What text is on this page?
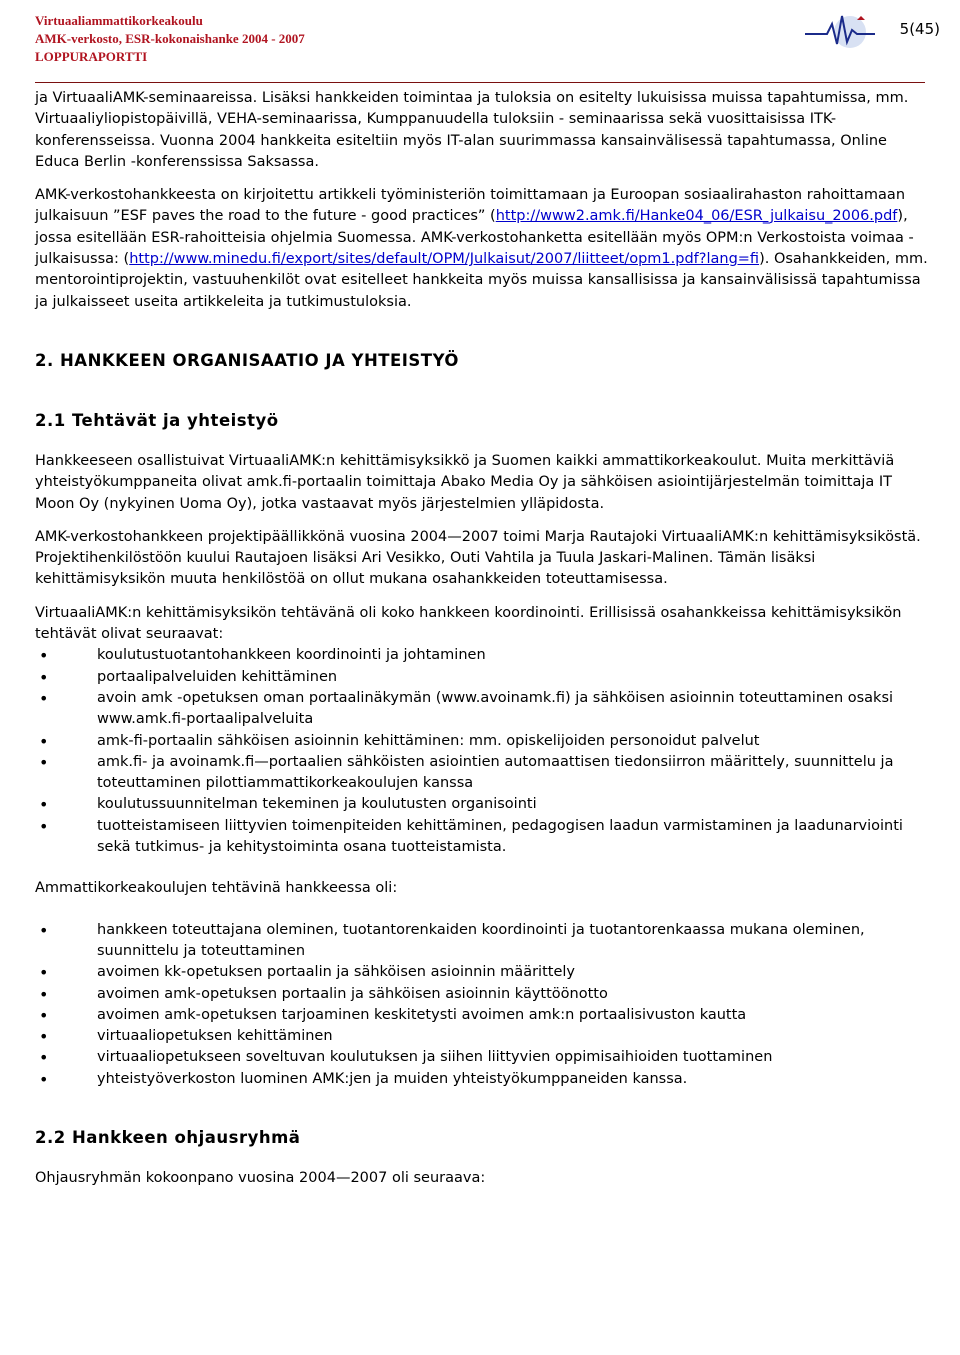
Virtuaaliammattikorkeakoulu
AMK-verkosto, ESR-kokonaishanke 2004 - 2007
LOPPURAPORTTI
5(45)

ja VirtuaaliAMK-seminaareissa. Lisäksi hankkeiden toimintaa ja tuloksia on esitelty lukuisissa muissa tapahtumissa, mm. Virtuaaliyliopistopäivillä, VEHA-seminaarissa, Kumppanuudella tuloksiin - seminaarissa sekä vuosittaisissa ITK-konferensseissa. Vuonna 2004 hankkeita esiteltiin myös IT-alan suurimmassa kansainvälisessä tapahtumassa, Online Educa Berlin -konferenssissa Saksassa.

AMK-verkostohankkeesta on kirjoitettu artikkeli työministeriön toimittamaan ja Euroopan sosiaalirahaston rahoittamaan julkaisuun ”ESF paves the road to the future - good practices” (http://www2.amk.fi/Hanke04_06/ESR_julkaisu_2006.pdf), jossa esitellään ESR-rahoitteisia ohjelmia Suomessa. AMK-verkostohanketta esitellään myös OPM:n Verkostoista voimaa -julkaisussa: (http://www.minedu.fi/export/sites/default/OPM/Julkaisut/2007/liitteet/opm1.pdf?lang=fi). Osahankkeiden, mm. mentorointiprojektin, vastuuhenkilöt ovat esitelleet hankkeita myös muissa kansallisissa ja kansainvälisissä tapahtumissa ja julkaisseet useita artikkeleita ja tutkimustuloksia.

2. HANKKEEN ORGANISAATIO JA YHTEISTYÖ
2.1 Tehtävät ja yhteistyö

Hankkeeseen osallistuivat VirtuaaliAMK:n kehittämisyksikkö ja Suomen kaikki ammattikorkeakoulut. Muita merkittäviä yhteistyökumppaneita olivat amk.fi-portaalin toimittaja Abako Media Oy ja sähköisen asiointijärjestelmän toimittaja IT Moon Oy (nykyinen Uoma Oy), jotka vastaavat myös järjestelmien ylläpidosta.

AMK-verkostohankkeen projektipäällikkönä vuosina 2004—2007 toimi Marja Rautajoki VirtuaaliAMK:n kehittämisyksiköstä. Projektihenkilöstöön kuului Rautajoen lisäksi Ari Vesikko, Outi Vahtila ja Tuula Jaskari-Malinen. Tämän lisäksi kehittämisyksikön muuta henkilöstöä on ollut mukana osahankkeiden toteuttamisessa.

VirtuaaliAMK:n kehittämisyksikön tehtävänä oli koko hankkeen koordinointi. Erillisissä osahankkeissa kehittämisyksikön tehtävät olivat seuraavat:

• koulutustuotantohankkeen koordinointi ja johtaminen
• portaalipalveluiden kehittäminen
• avoin amk -opetuksen oman portaalinäkymän (www.avoinamk.fi) ja sähköisen asioinnin toteuttaminen osaksi www.amk.fi-portaalipalveluita
• amk-fi-portaalin sähköisen asioinnin kehittäminen: mm. opiskelijoiden personoidut palvelut
• amk.fi- ja avoinamk.fi—portaalien sähköisten asiointien automaattisen tiedonsiirron määrittely, suunnittelu ja toteuttaminen pilottiammattikorkeakoulujen kanssa
• koulutussuunnitelman tekeminen ja koulutusten organisointi
• tuotteistamiseen liittyvien toimenpiteiden kehittäminen, pedagogisen laadun varmistaminen ja laadunarviointi sekä tutkimus- ja kehitystoiminta osana tuotteistamista.

Ammattikorkeakoulujen tehtävinä hankkeessa oli:

• hankkeen toteuttajana oleminen, tuotantorenkaiden koordinointi ja tuotantorenkaassa mukana oleminen, suunnittelu ja toteuttaminen
• avoimen kk-opetuksen portaalin ja sähköisen asioinnin määrittely
• avoimen amk-opetuksen portaalin ja sähköisen asioinnin käyttöönotto
• avoimen amk-opetuksen tarjoaminen keskitetysti avoimen amk:n portaalisivuston kautta
• virtuaaliopetuksen kehittäminen
• virtuaaliopetukseen soveltuvan koulutuksen ja siihen liittyvien oppimisaihioiden tuottaminen
• yhteistyöverkoston luominen AMK:jen ja muiden yhteistyökumppaneiden kanssa.
2.2 Hankkeen ohjausryhmä

Ohjausryhmän kokoonpano vuosina 2004—2007 oli seuraava:
